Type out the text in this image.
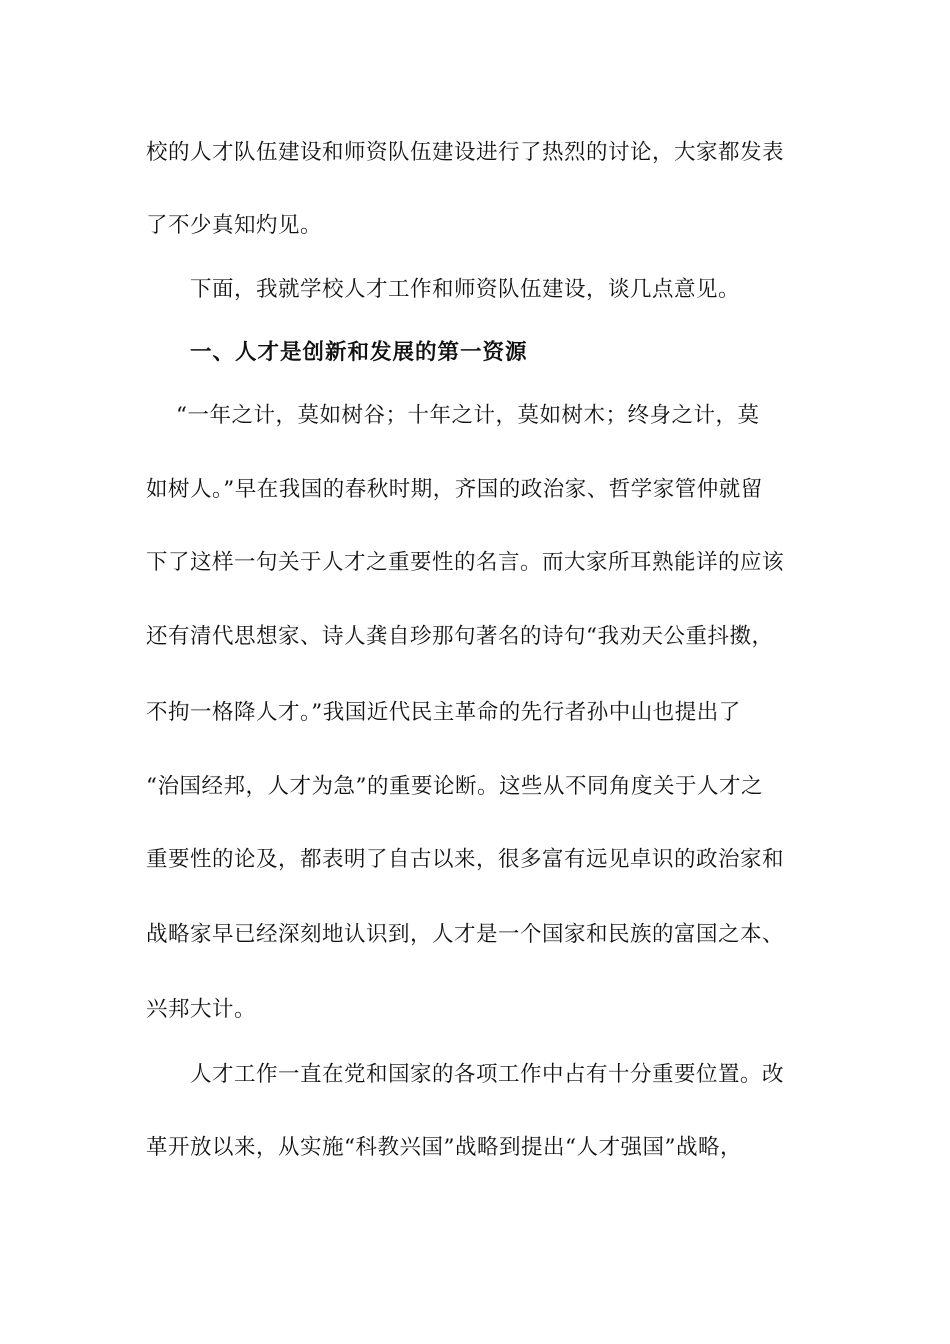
校的人才队伍建设和师资队伍建设进行了热烈的讨论，大家都发表
了不少真知灼见。
下面，我就学校人才工作和师资队伍建设，谈几点意见。
一、人才是创新和发展的第一资源
“一年之计，莫如树谷；十年之计，莫如树木；终身之计，莫
如树人。”早在我国的春秋时期，齐国的政治家、哲学家管仲就留
下了这样一句关于人才之重要性的名言。而大家所耳熟能详的应该
还有清代思想家、诗人龚自珍那句著名的诗句“我劝天公重抖擞，
不拘一格降人才。”我国近代民主革命的先行者孙中山也提出了
“治国经邦，人才为急”的重要论断。这些从不同角度关于人才之
重要性的论及，都表明了自古以来，很多富有远见卓识的政治家和
战略家早已经深刻地认识到，人才是一个国家和民族的富国之本、
兴邦大计。
人才工作一直在党和国家的各项工作中占有十分重要位置。改
革开放以来，从实施“科教兴国”战略到提出“人才强国”战略，
